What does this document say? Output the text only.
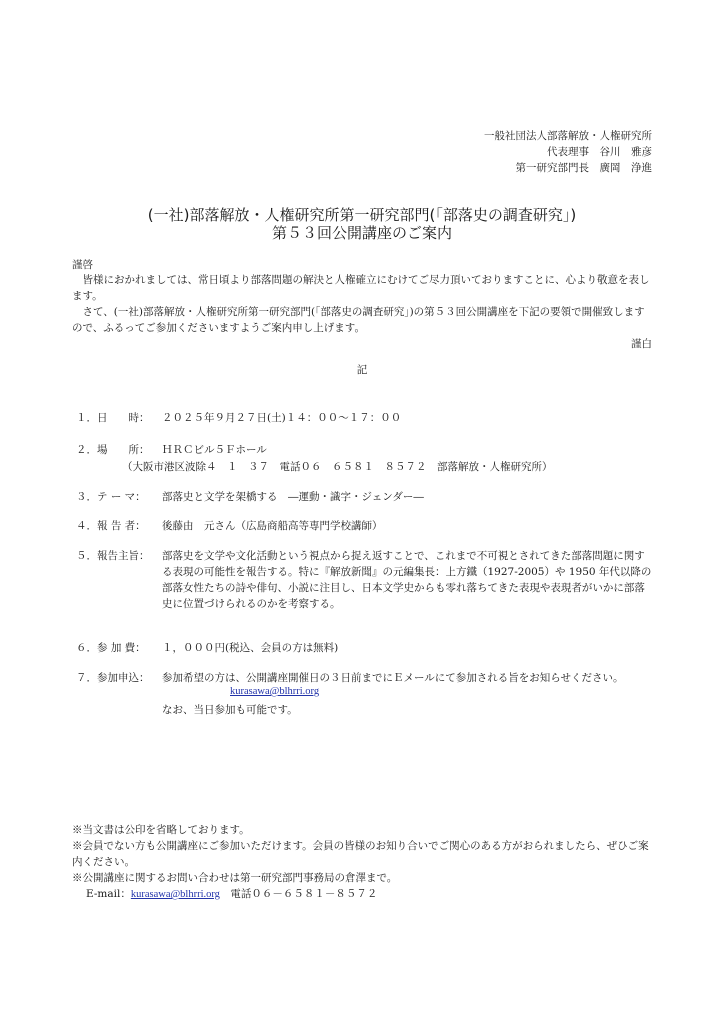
一般社団法人部落解放・人権研究所
代表理事　谷川　雅彦
第一研究部門長　廣岡　浄進
(一社)部落解放・人権研究所第一研究部門(「部落史の調査研究」)
第５３回公開講座のご案内
謹啓
　皆様におかれましては、常日頃より部落問題の解決と人権確立にむけてご尽力頂いておりますことに、心より敬意を表します。
　さて、(一社)部落解放・人権研究所第一研究部門(「部落史の調査研究」)の第５３回公開講座を下記の要領で開催致しますので、ふるってご参加くださいますようご案内申し上げます。
謹白
記
１．日　　時： ２０２５年９月２７日(土)１４：００～１７：００
２．場　　所： ＨＲＣビル５Ｆホール
（大阪市港区波除４　１　３７　電話０６　６５８１　８５７２　部落解放・人権研究所）
３．テ ー マ： 部落史と文学を架橋する　―運動・識字・ジェンダー―
４．報 告 者： 後藤由　元さん（広島商船高等専門学校講師）
５．報告主旨： 部落史を文学や文化活動という視点から捉え返すことで、これまで不可視とされてきた部落問題に関する表現の可能性を報告する。特に『解放新聞』の元編集長：上方鐵（1927-2005）や 1950 年代以降の部落女性たちの詩や俳句、小説に注目し、日本文学史からも零れ落ちてきた表現や表現者がいかに部落史に位置づけられるのかを考察する。
６．参 加 費： １，０００円(税込、会員の方は無料)
７．参加申込： 参加希望の方は、公開講座開催日の３日前までにＥメールにて参加される旨をお知らせください。
kurasawa@blhrri.org
なお、当日参加も可能です。
※当文書は公印を省略しております。
※会員でない方も公開講座にご参加いただけます。会員の皆様のお知り合いでご関心のある方がおられましたら、ぜひご案内ください。
※公開講座に関するお問い合わせは第一研究部門事務局の倉澤まで。
E-mail：kurasawa@blhrri.org　 電話０６－６５８１－８５７２
